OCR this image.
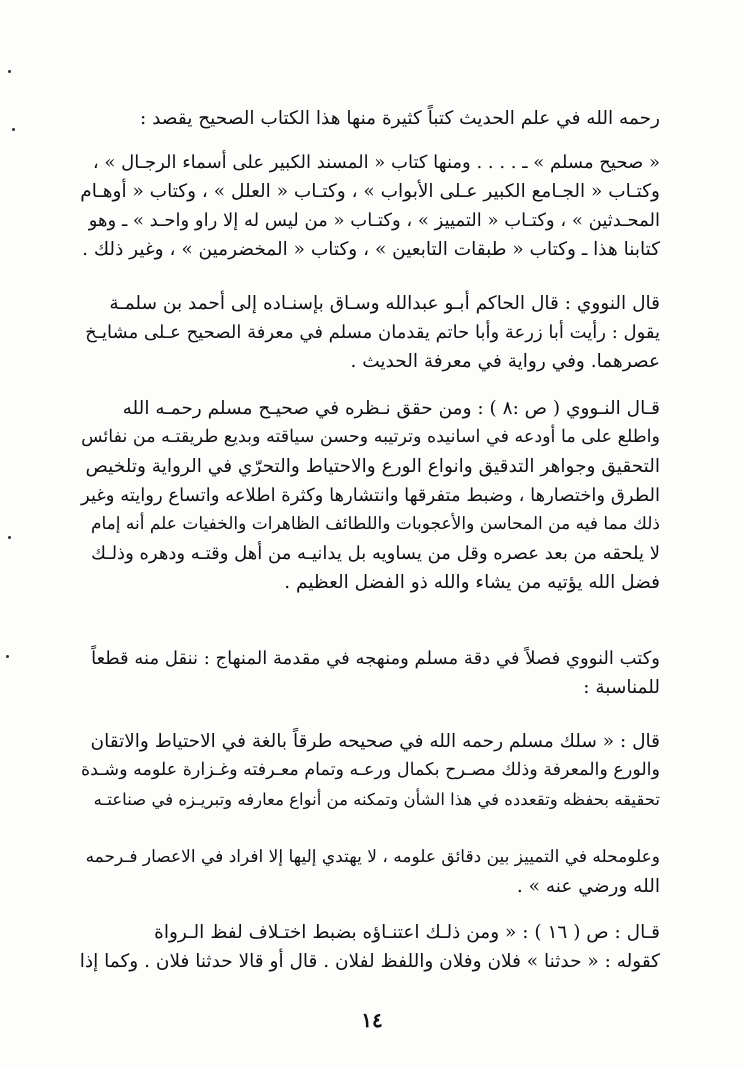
رحمه الله في علم الحديث كتباً كثيرة منها هذا الكتاب الصحيح يقصد :
« صحيح مسلم » ـ . . . . ومنها كتاب « المسند الكبير على أسماء الرجـال » ،
وكتـاب « الجـامع الكبير عـلى الأبواب » ، وكتـاب « العلل » ، وكتاب « أوهـام
المحـدثين » ، وكتـاب « التمييز » ، وكتـاب « من ليس له إلا راو واحـد » ـ وهو
كتابنا هذا ـ وكتاب « طبقات التابعين » ، وكتاب « المخضرمين » ، وغير ذلك .
قال النووي : قال الحاكم أبـو عبدالله وسـاق بإسنـاده إلى أحمد بن سلمـة
يقول : رأيت أبا زرعة وأبا حاتم يقدمان مسلم في معرفة الصحيح عـلى مشايـخ
عصرهما. وفي رواية في معرفة الحديث .
قـال النـووي ( ص :٨ ) : ومن حقق نـظره في صحيـح مسلم رحمـه الله
واطلع على ما أودعه في اسانيده وترتيبه وحسن سياقته وبديع طريقتـه من نفائس
التحقيق وجواهر التدقيق وانواع الورع والاحتياط والتحرّي في الرواية وتلخيص
الطرق واختصارها ، وضبط متفرقها وانتشارها وكثرة اطلاعه واتساع روايته وغير
ذلك مما فيه من المحاسن والأعجوبات واللطائف الظاهرات والخفيات علم أنه إمام
لا يلحقه من بعد عصره وقل من يساويه بل يدانيـه من أهل وقتـه ودهره وذلـك
فضل الله يؤتيه من يشاء والله ذو الفضل العظيم .
وكتب النووي فصلاً في دقة مسلم ومنهجه في مقدمة المنهاج : ننقل منه قطعاً
للمناسبة :
قال : « سلك مسلم رحمه الله في صحيحه طرقاً بالغة في الاحتياط والاتقان
والورع والمعرفة وذلك مصـرح بكمال ورعـه وتمام معـرفته وغـزارة علومه وشـدة
تحقيقه بحفظه وتقعدده في هذا الشأن وتمكنه من أنواع معارفه وتبريـزه في صناعتـه
وعلومحله في التمييز بين دقائق علومه ، لا يهتدي إليها إلا افراد في الاعصار فـرحمه
الله ورضي عنه » .
قـال : ص ( ١٦ ) : « ومن ذلـك اعتنـاؤه بضبط اختـلاف لفظ الـرواة
كقوله : « حدثنا » فلان وفلان واللفظ لفلان . قال أو قالا حدثنا فلان . وكما إذا
١٤
